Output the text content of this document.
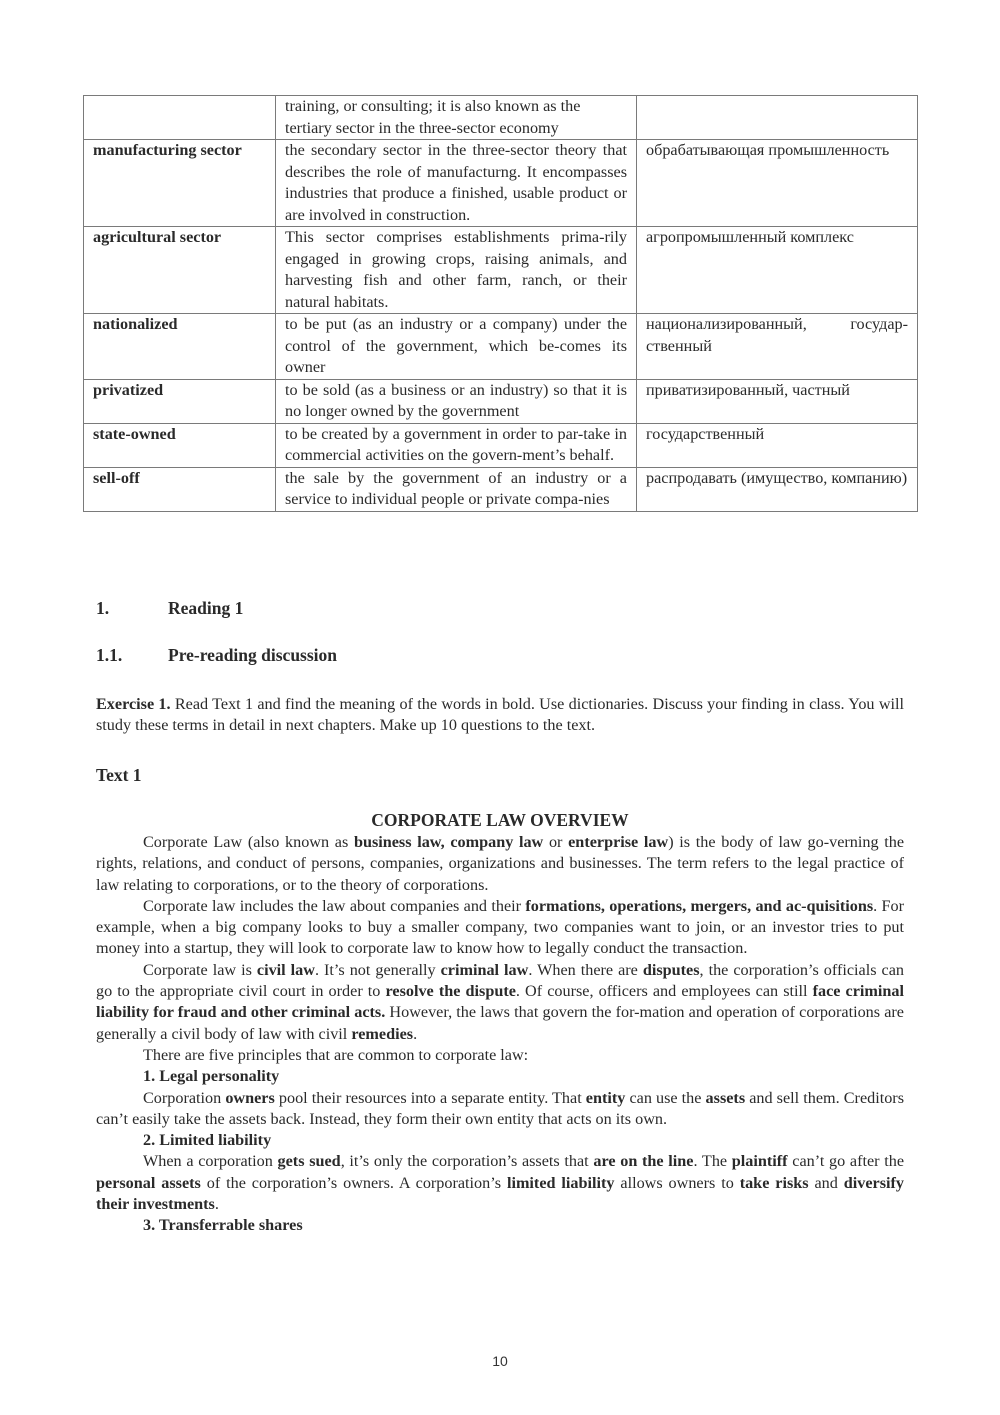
	training, or consulting; it is also known as the tertiary sector in the three-sector economy	
manufacturing sector	the secondary sector in the three-sector theory that describes the role of manufacturng. It encompasses industries that produce a finished, usable product or are involved in construction.	обрабатывающая промышленность
agricultural sector	This sector comprises establishments prima-rily engaged in growing crops, raising animals, and harvesting fish and other farm, ranch, or their natural habitats.	агропромышленный комплекс
nationalized	to be put (as an industry or a company) under the control of the government, which be-comes its owner	национализированный, государ-ственный
privatized	to be sold (as a business or an industry) so that it is no longer owned by the government	приватизированный, частный
state-owned	to be created by a government in order to par-take in commercial activities on the govern-ment’s behalf.	государственный
sell-off	the sale by the government of an industry or a service to individual people or private compa-nies	распродавать (имущество, компанию)
1.	Reading 1
1.1.	Pre-reading discussion
Exercise 1. Read Text 1 and find the meaning of the words in bold. Use dictionaries. Discuss your finding in class. You will study these terms in detail in next chapters. Make up 10 questions to the text.
Text 1
CORPORATE LAW OVERVIEW

Corporate Law (also known as business law, company law or enterprise law) is the body of law go-verning the rights, relations, and conduct of persons, companies, organizations and businesses. The term refers to the legal practice of law relating to corporations, or to the theory of corporations.

Corporate law includes the law about companies and their formations, operations, mergers, and ac-quisitions. For example, when a big company looks to buy a smaller company, two companies want to join, or an investor tries to put money into a startup, they will look to corporate law to know how to legally conduct the transaction.

Corporate law is civil law. It’s not generally criminal law. When there are disputes, the corporation’s officials can go to the appropriate civil court in order to resolve the dispute. Of course, officers and employees can still face criminal liability for fraud and other criminal acts. However, the laws that govern the for-mation and operation of corporations are generally a civil body of law with civil remedies.

There are five principles that are common to corporate law:

1. Legal personality

Corporation owners pool their resources into a separate entity. That entity can use the assets and sell them. Creditors can’t easily take the assets back. Instead, they form their own entity that acts on its own.

2. Limited liability

When a corporation gets sued, it’s only the corporation’s assets that are on the line. The plaintiff can’t go after the personal assets of the corporation’s owners. A corporation’s limited liability allows owners to take risks and diversify their investments.

3. Transferrable shares
10
